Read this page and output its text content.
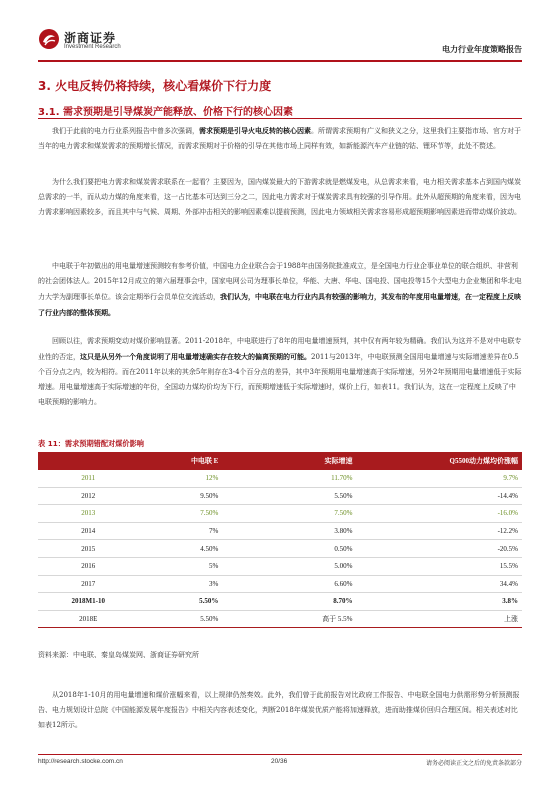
浙商证券
Investment Research	电力行业年度策略报告
3. 火电反转仍将持续，核心看煤价下行力度
3.1. 需求预期是引导煤炭产能释放、价格下行的核心因素

我们于此前的电力行业系列报告中曾多次强调，需求预期是引导火电反转的核心因素。所谓需求预期有广义和狭义之分，这里我们主要指市场、官方对于当年的电力需求和煤炭需求的预期增长情况，而需求预期对于价格的引导在其他市场上同样有效，如新能源汽车产业链的钴、锂环节等，此处不赘述。

为什么我们要把电力需求和煤炭需求联系在一起看？主要因为，国内煤炭最大的下游需求就是燃煤发电，从总需求来看，电力相关需求基本占到国内煤炭总需求的一半，而从动力煤的角度来看，这一占比基本可达到三分之二，因此电力需求对于煤炭需求具有较强的引导作用。此外从超预期的角度来看，因为电力需求影响因素较多，而且其中与气候、周期、外部冲击相关的影响因素难以提前预测，因此电力领域相关需求容易形成超预期影响因素进而带动煤价波动。

中电联于年初做出的用电量增速预测较有参考价值，中国电力企业联合会于1988年由国务院批准成立，是全国电力行业企事业单位的联合组织、非营利的社会团体法人。2015年12月成立的第六届理事会中，国家电网公司为理事长单位，华能、大唐、华电、国电投、国电投等15个大型电力企业集团和华北电力大学为副理事长单位。该会定期举行会员单位交流活动，我们认为，中电联在电力行业内具有较强的影响力，其发布的年度用电量增速，在一定程度上反映了行业内部的整体预期。

回顾以往，需求预期变动对煤价影响显著。2011-2018年，中电联进行了8年的用电量增速预判，其中仅有两年较为精确。我们认为这并不是对中电联专业性的否定，这只是从另外一个角度说明了用电量增速确实存在较大的偏离预期的可能。2011与2013年，中电联预测全国用电量增速与实际增速差异在0.5个百分点之内，较为相符。而在2011年以来的其余5年则存在3-4个百分点的差异，其中3年预期用电量增速高于实际增速，另外2年预期用电量增速低于实际增速。用电量增速高于实际增速的年份，全国动力煤均价均为下行，而预期增速低于实际增速时，煤价上行，如表11。我们认为，这在一定程度上反映了中电联预期的影响力。

表 11：需求预期错配对煤价影响
	中电联 E	实际增速	Q5500动力煤均价涨幅
2011	12%	11.70%	9.7%
2012	9.50%	5.50%	-14.4%
2013	7.50%	7.50%	-16.0%
2014	7%	3.80%	-12.2%
2015	4.50%	0.50%	-20.5%
2016	5%	5.00%	15.5%
2017	3%	6.60%	34.4%
2018M1-10	5.50%	8.70%	3.8%
2018E	5.50%	高于 5.5%	上涨
资料来源：中电联、秦皇岛煤炭网、浙商证券研究所

从2018年1-10月的用电量增速和煤价涨幅来看，以上规律仍然奏效。此外，我们曾于此前报告对比政府工作报告、中电联全国电力供需形势分析预测报告、电力规划设计总院《中国能源发展年度报告》中相关内容表述变化，判断2018年煤炭优质产能将加速释放，进而助推煤价回归合理区间。相关表述对比如表12所示。

http://research.stocke.com.cn	20/36	请务必阅读正文之后的免责条款部分
